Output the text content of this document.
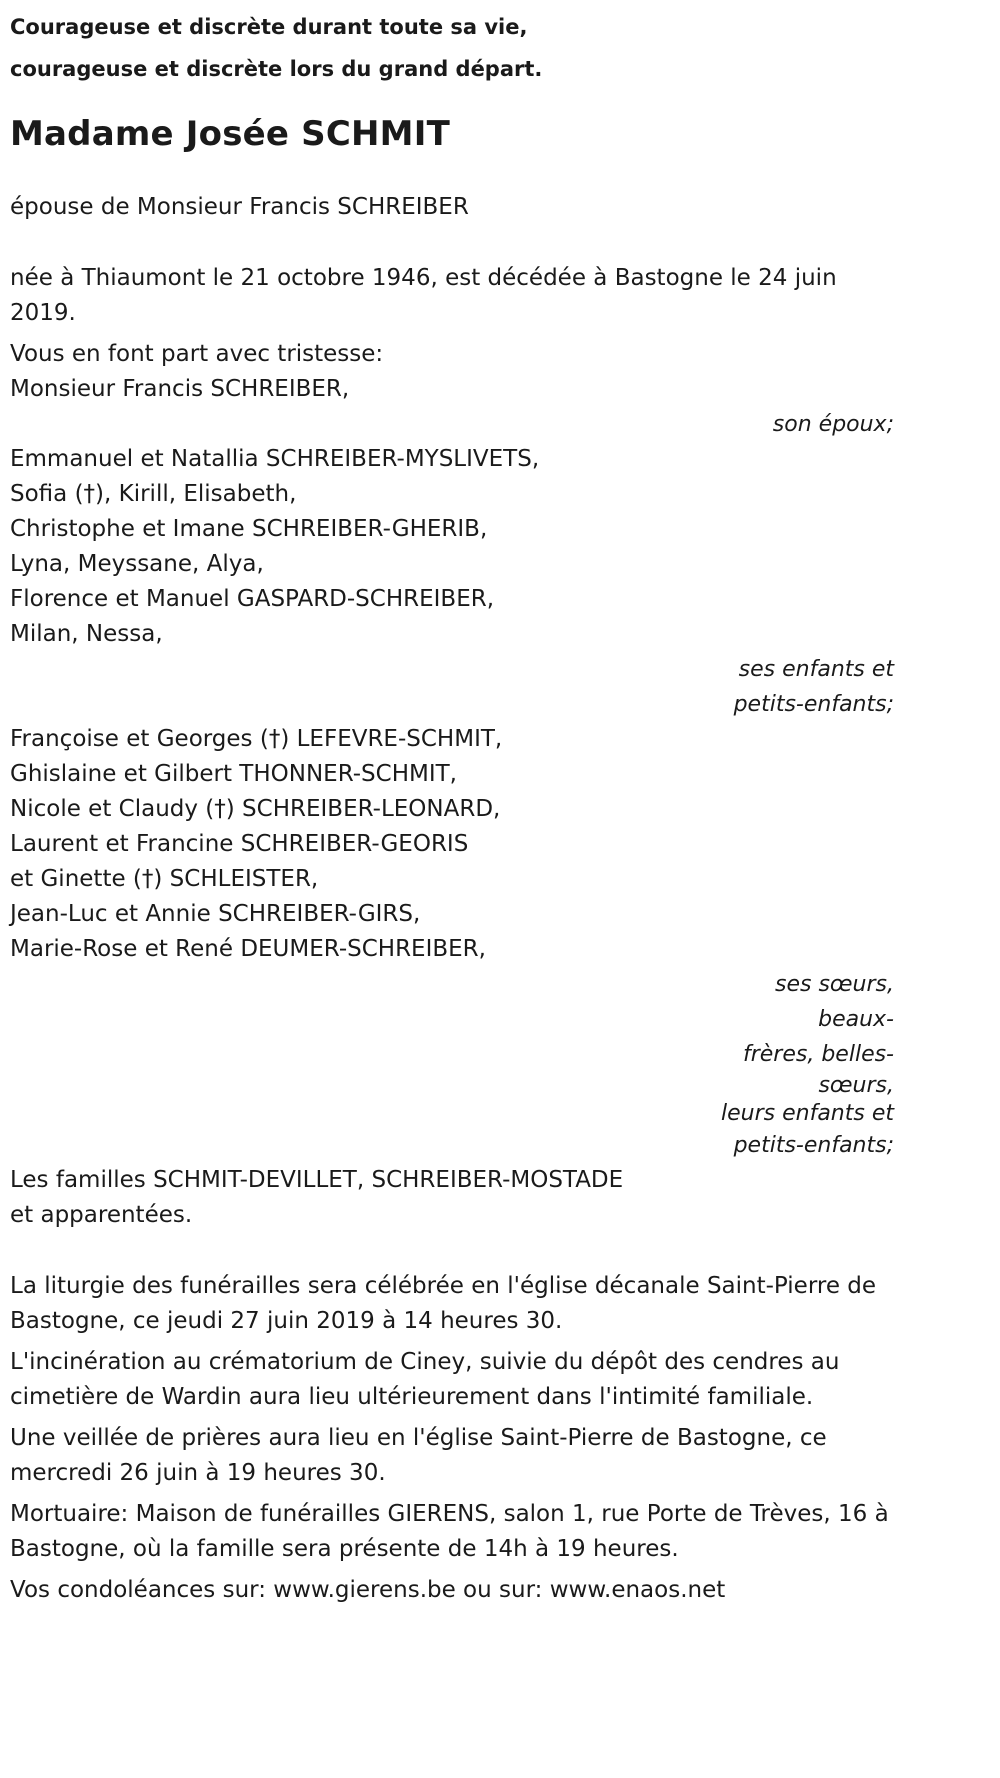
Courageuse et discrète durant toute sa vie,

courageuse et discrète lors du grand départ.

Madame Josée SCHMIT

épouse de Monsieur Francis SCHREIBER

née à Thiaumont le 21 octobre 1946, est décédée à Bastogne le 24 juin 2019.

Vous en font part avec tristesse:

Monsieur Francis SCHREIBER,

son époux;

Emmanuel et Natallia SCHREIBER-MYSLIVETS,
Sofia (†), Kirill, Elisabeth,
Christophe et Imane SCHREIBER-GHERIB,
Lyna, Meyssane, Alya,
Florence et Manuel GASPARD-SCHREIBER,
Milan, Nessa,

ses enfants et

petits-enfants;

Françoise et Georges (†) LEFEVRE-SCHMIT,
Ghislaine et Gilbert THONNER-SCHMIT,
Nicole et Claudy (†) SCHREIBER-LEONARD,
Laurent et Francine SCHREIBER-GEORIS
et Ginette (†) SCHLEISTER,
Jean-Luc et Annie SCHREIBER-GIRS,
Marie-Rose et René DEUMER-SCHREIBER,

ses sœurs, beaux-

frères, belles-

sœurs,

leurs enfants et

petits-enfants;

Les familles SCHMIT-DEVILLET, SCHREIBER-MOSTADE

et apparentées.

La liturgie des funérailles sera célébrée en l'église décanale Saint-Pierre de Bastogne, ce jeudi 27 juin 2019 à 14 heures 30.

L'incinération au crématorium de Ciney, suivie du dépôt des cendres au cimetière de Wardin aura lieu ultérieurement dans l'intimité familiale.

Une veillée de prières aura lieu en l'église Saint-Pierre de Bastogne, ce mercredi 26 juin à 19 heures 30.

Mortuaire: Maison de funérailles GIERENS, salon 1, rue Porte de Trèves, 16 à Bastogne, où la famille sera présente de 14h à 19 heures.

Vos condoléances sur: www.gierens.be ou sur: www.enaos.net
